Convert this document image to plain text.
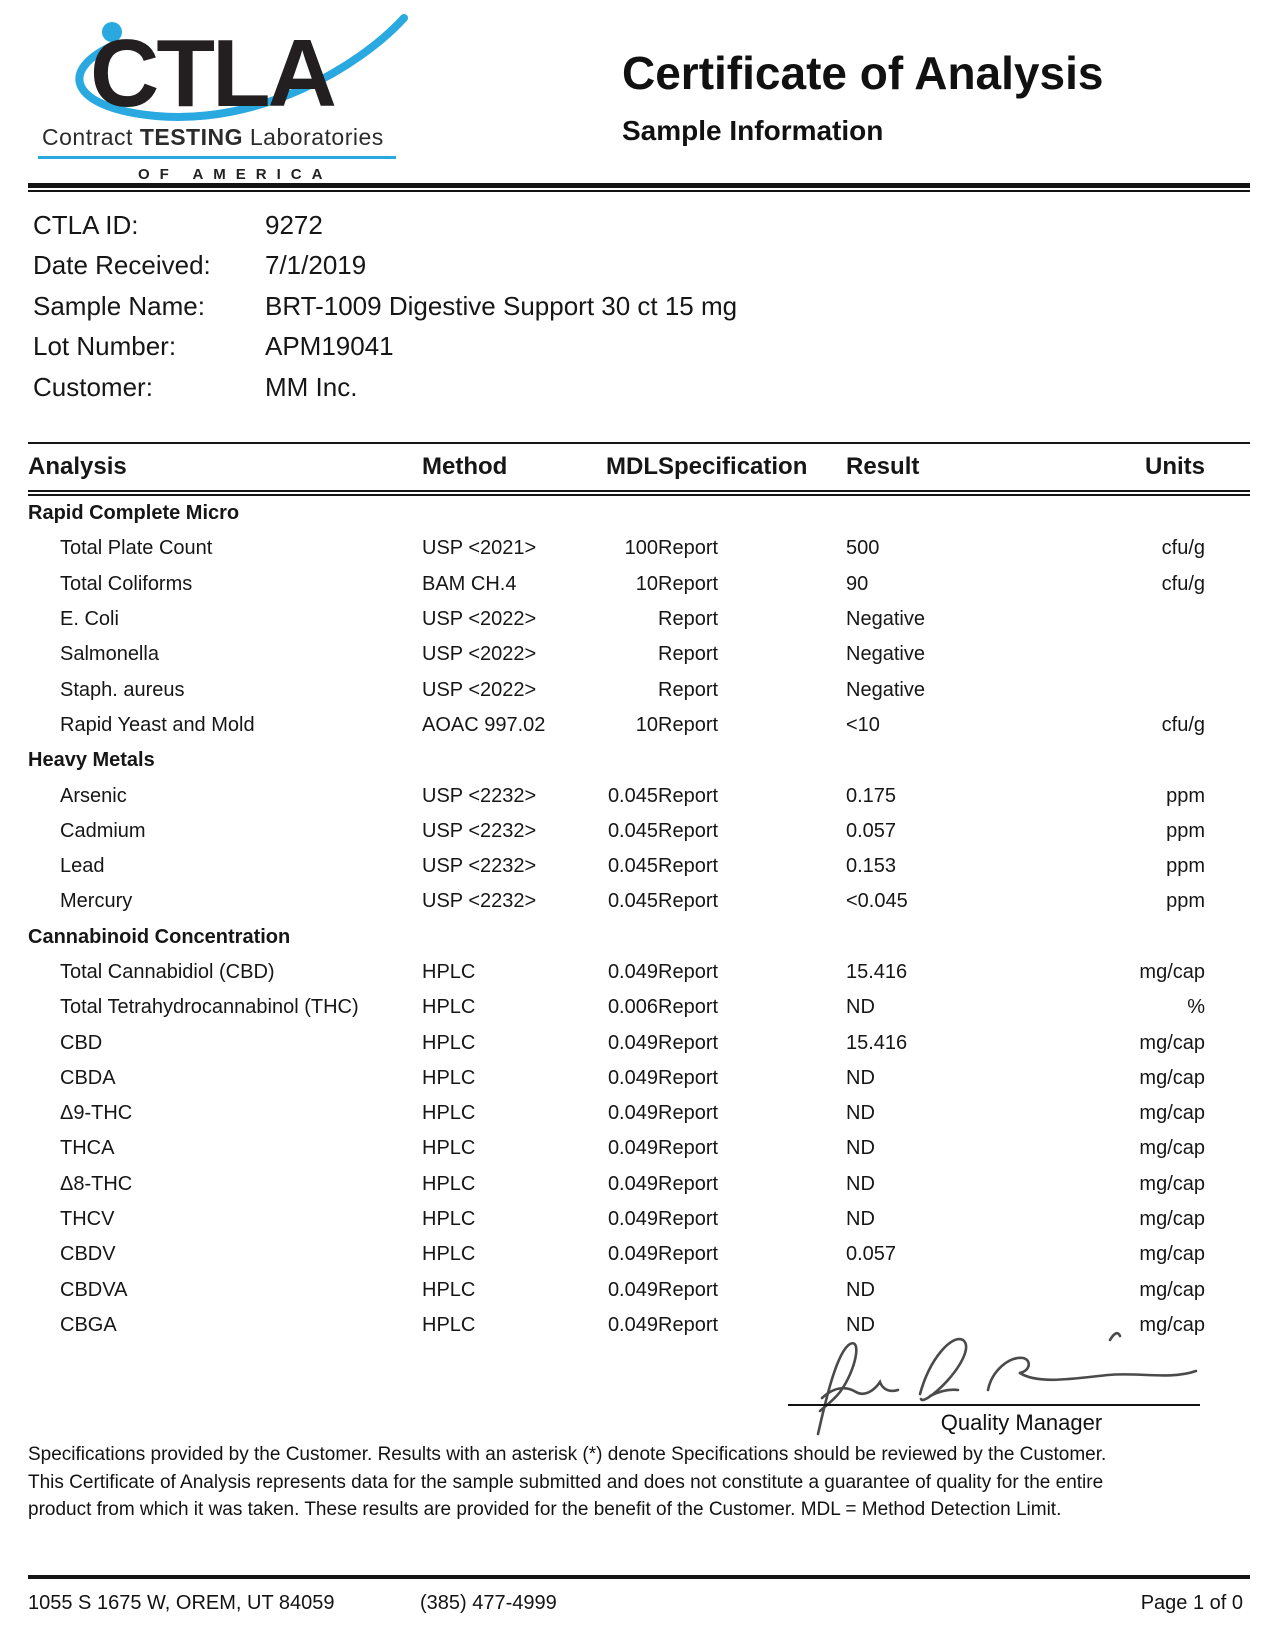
CTLA
Contract TESTING Laboratories
OF AMERICA
Certificate of Analysis
Sample Information
CTLA ID:	9272
Date Received:	7/1/2019
Sample Name:	BRT-1009 Digestive Support 30 ct 15 mg
Lot Number:	APM19041
Customer:	MM Inc.
Analysis	Method	MDL	Specification	Result	Units
Rapid Complete Micro					
Total Plate Count	USP <2021>	100	Report	500	cfu/g
Total Coliforms	BAM CH.4	10	Report	90	cfu/g
E. Coli	USP <2022>		Report	Negative	
Salmonella	USP <2022>		Report	Negative	
Staph. aureus	USP <2022>		Report	Negative	
Rapid Yeast and Mold	AOAC 997.02	10	Report	<10	cfu/g
Heavy Metals					
Arsenic	USP <2232>	0.045	Report	0.175	ppm
Cadmium	USP <2232>	0.045	Report	0.057	ppm
Lead	USP <2232>	0.045	Report	0.153	ppm
Mercury	USP <2232>	0.045	Report	<0.045	ppm
Cannabinoid Concentration					
Total Cannabidiol (CBD)	HPLC	0.049	Report	15.416	mg/cap
Total Tetrahydrocannabinol (THC)	HPLC	0.006	Report	ND	%
CBD	HPLC	0.049	Report	15.416	mg/cap
CBDA	HPLC	0.049	Report	ND	mg/cap
Δ9-THC	HPLC	0.049	Report	ND	mg/cap
THCA	HPLC	0.049	Report	ND	mg/cap
Δ8-THC	HPLC	0.049	Report	ND	mg/cap
THCV	HPLC	0.049	Report	ND	mg/cap
CBDV	HPLC	0.049	Report	0.057	mg/cap
CBDVA	HPLC	0.049	Report	ND	mg/cap
CBGA	HPLC	0.049	Report	ND	mg/cap
Quality Manager
Specifications provided by the Customer. Results with an asterisk (*) denote Specifications should be reviewed by the Customer.
This Certificate of Analysis represents data for the sample submitted and does not constitute a guarantee of quality for the entire
product from which it was taken. These results are provided for the benefit of the Customer. MDL = Method Detection Limit.
1055 S 1675 W, OREM, UT 84059	(385) 477-4999	Page 1 of 0
